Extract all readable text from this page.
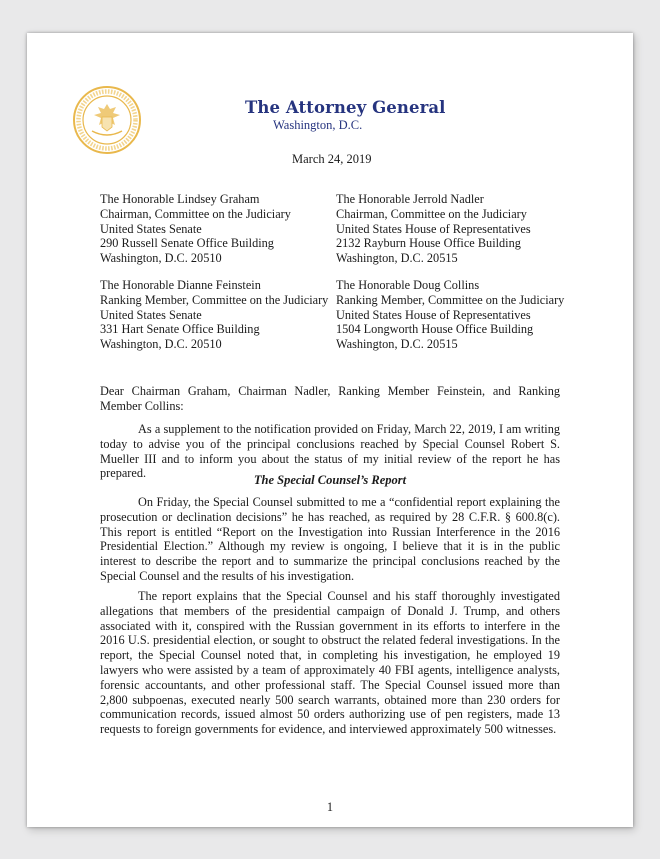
The Attorney General
Washington, D.C.
March 24, 2019
The Honorable Lindsey Graham
Chairman, Committee on the Judiciary
United States Senate
290 Russell Senate Office Building
Washington, D.C. 20510
The Honorable Jerrold Nadler
Chairman, Committee on the Judiciary
United States House of Representatives
2132 Rayburn House Office Building
Washington, D.C. 20515
The Honorable Dianne Feinstein
Ranking Member, Committee on the Judiciary
United States Senate
331 Hart Senate Office Building
Washington, D.C. 20510
The Honorable Doug Collins
Ranking Member, Committee on the Judiciary
United States House of Representatives
1504 Longworth House Office Building
Washington, D.C. 20515
Dear Chairman Graham, Chairman Nadler, Ranking Member Feinstein, and Ranking Member Collins:
As a supplement to the notification provided on Friday, March 22, 2019, I am writing today to advise you of the principal conclusions reached by Special Counsel Robert S. Mueller III and to inform you about the status of my initial review of the report he has prepared.	The Special Counsel’s Report
On Friday, the Special Counsel submitted to me a “confidential report explaining the prosecution or declination decisions” he has reached, as required by 28 C.F.R. § 600.8(c). This report is entitled “Report on the Investigation into Russian Interference in the 2016 Presidential Election.” Although my review is ongoing, I believe that it is in the public interest to describe the report and to summarize the principal conclusions reached by the Special Counsel and the results of his investigation.
The report explains that the Special Counsel and his staff thoroughly investigated allegations that members of the presidential campaign of Donald J. Trump, and others associated with it, conspired with the Russian government in its efforts to interfere in the 2016 U.S. presidential election, or sought to obstruct the related federal investigations. In the report, the Special Counsel noted that, in completing his investigation, he employed 19 lawyers who were assisted by a team of approximately 40 FBI agents, intelligence analysts, forensic accountants, and other professional staff. The Special Counsel issued more than 2,800 subpoenas, executed nearly 500 search warrants, obtained more than 230 orders for communication records, issued almost 50 orders authorizing use of pen registers, made 13 requests to foreign governments for evidence, and interviewed approximately 500 witnesses.
1
